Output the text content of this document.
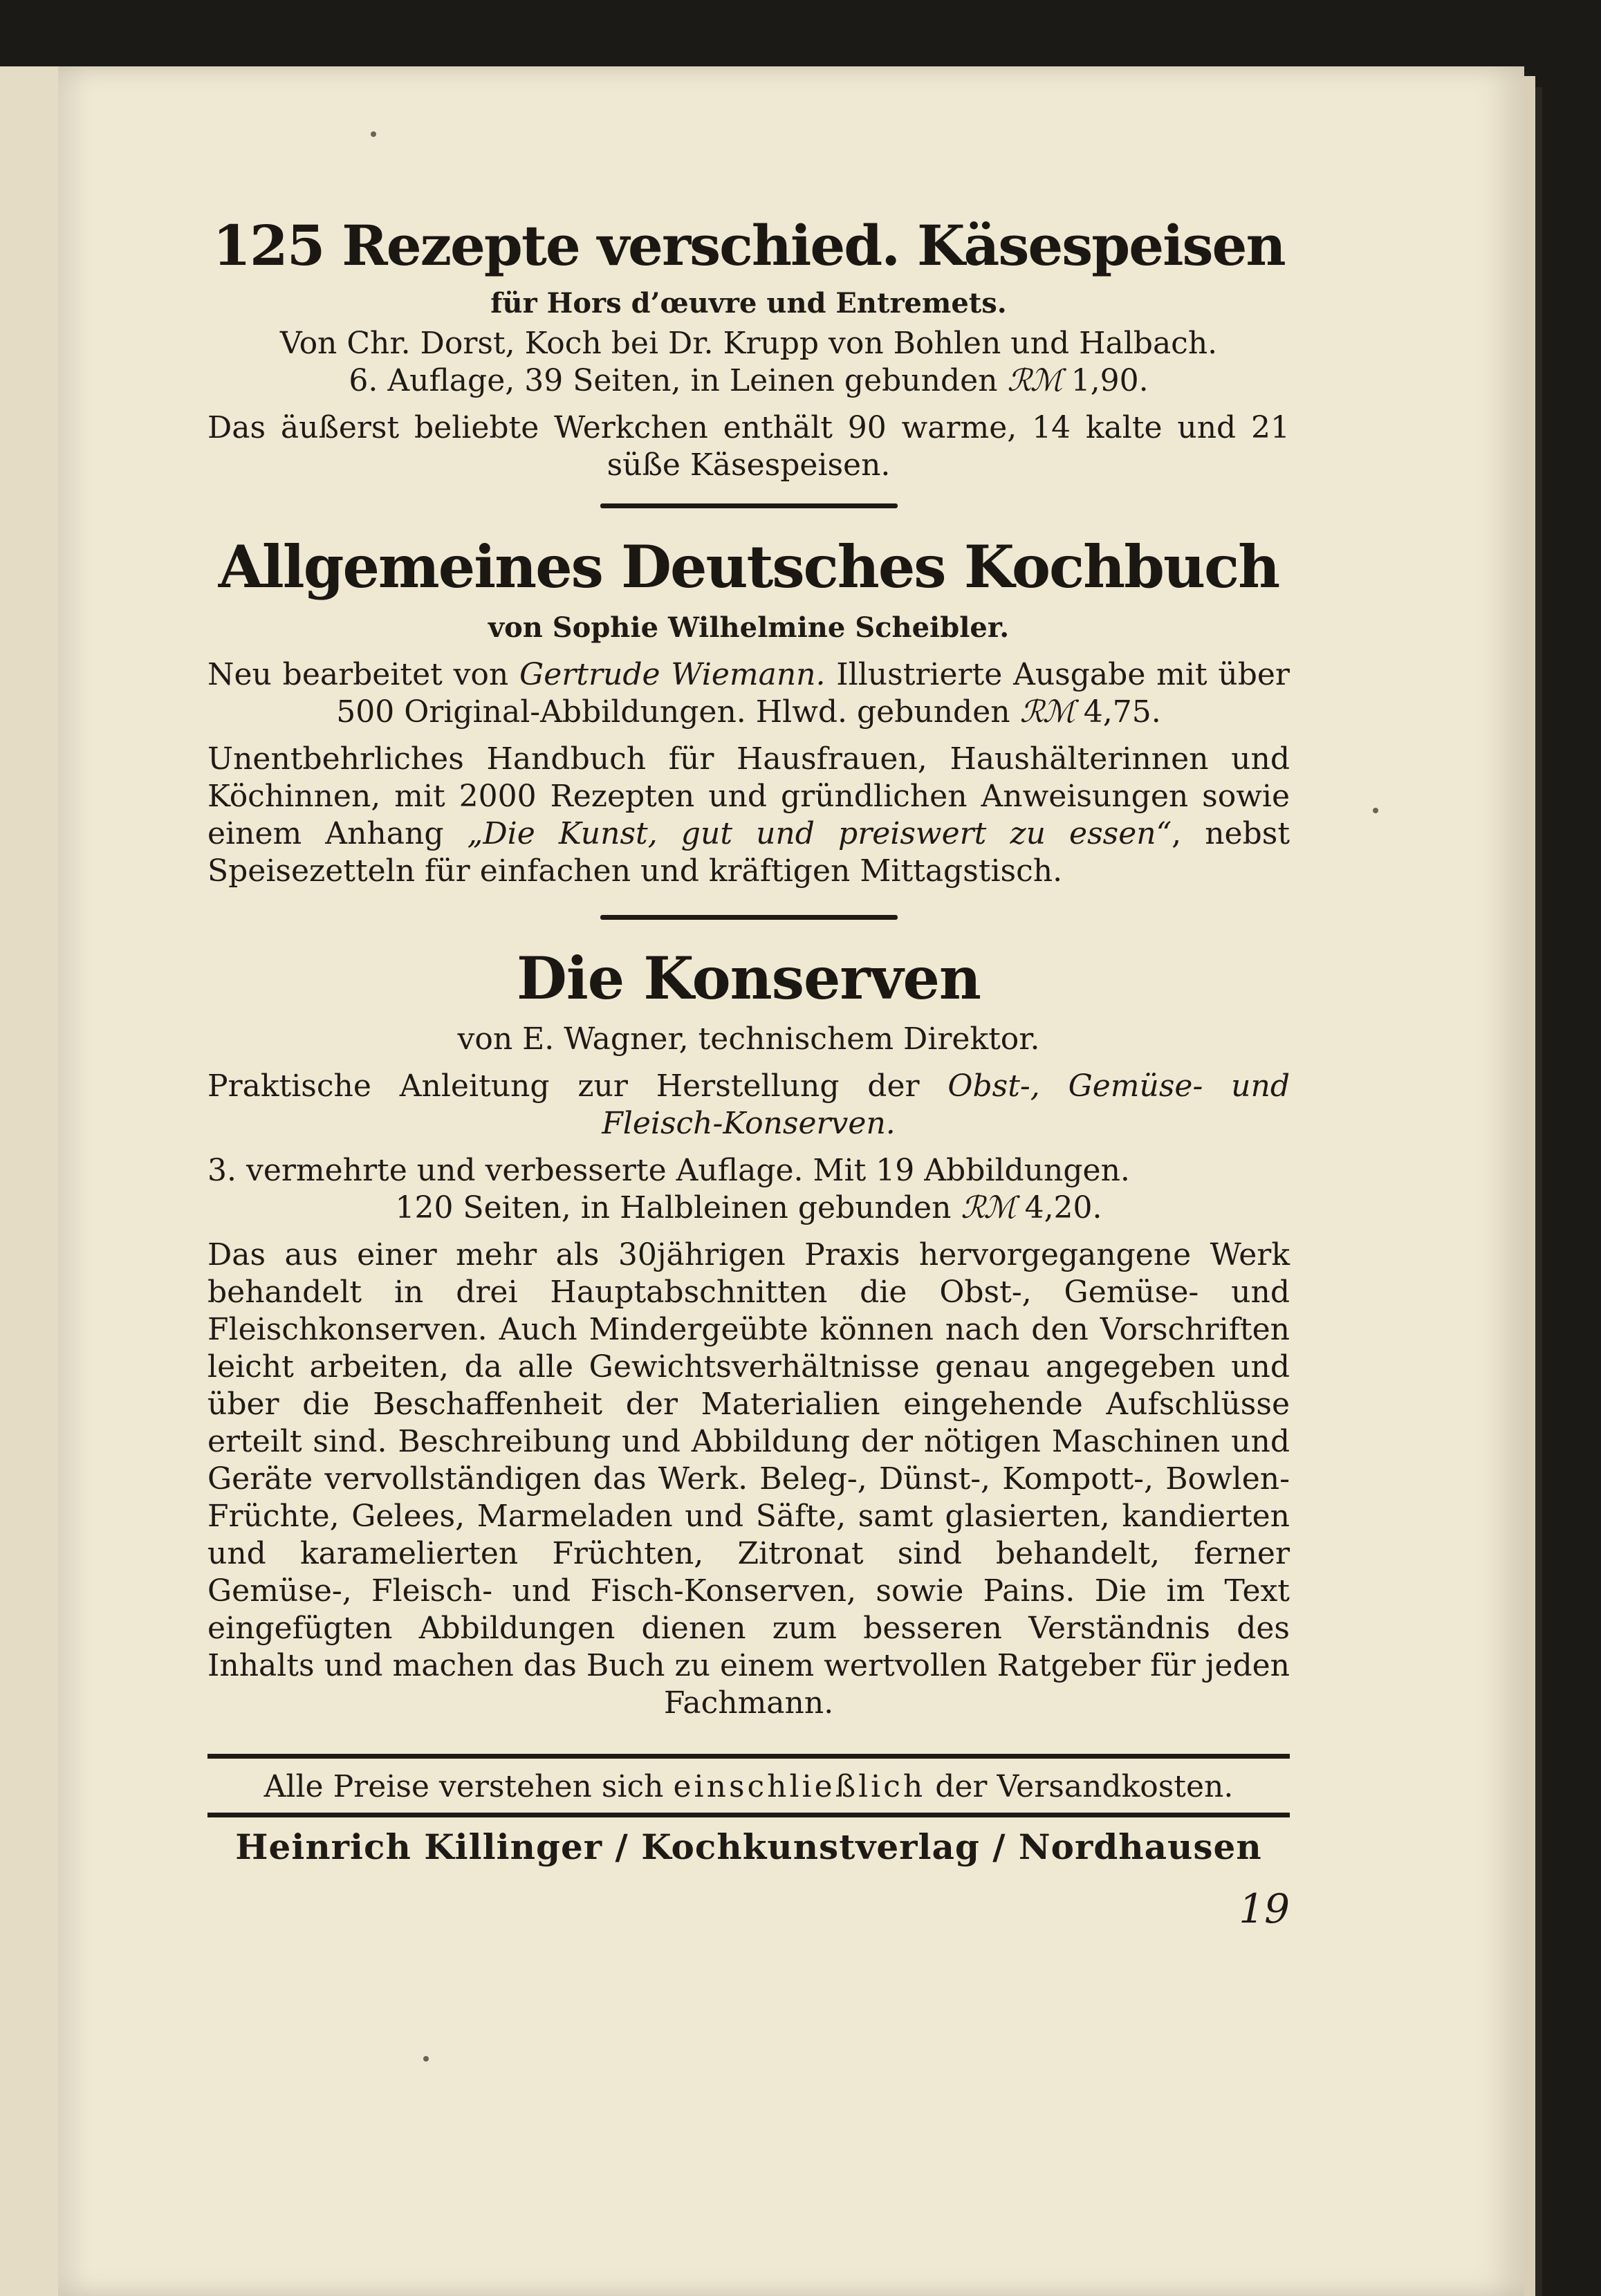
125 Rezepte verschied. Käsespeisen
für Hors d’œuvre und Entremets.

Von Chr. Dorst, Koch bei Dr. Krupp von Bohlen und Halbach.

6. Auflage, 39 Seiten, in Leinen gebunden ℛℳ 1,90.

Das äußerst beliebte Werkchen enthält 90 warme, 14 kalte und 21 süße Käsespeisen.

Allgemeines Deutsches Kochbuch
von Sophie Wilhelmine Scheibler.

Neu bearbeitet von Gertrude Wiemann. Illustrierte Ausgabe mit über 500 Original-Abbildungen. Hlwd. gebunden ℛℳ 4,75.

Unentbehrliches Handbuch für Hausfrauen, Haushälterinnen und Köchinnen, mit 2000 Rezepten und gründlichen Anweisungen sowie einem Anhang „Die Kunst, gut und preiswert zu essen“, nebst Speisezetteln für einfachen und kräftigen Mittagstisch.

Die Konserven
von E. Wagner, technischem Direktor.

Praktische Anleitung zur Herstellung der Obst-, Gemüse- und Fleisch-Konserven.

3. vermehrte und verbesserte Auflage. Mit 19 Abbildungen.

120 Seiten, in Halbleinen gebunden ℛℳ 4,20.

Das aus einer mehr als 30jährigen Praxis hervorgegangene Werk behandelt in drei Hauptabschnitten die Obst-, Gemüse- und Fleischkonserven. Auch Mindergeübte können nach den Vorschriften leicht arbeiten, da alle Gewichtsverhältnisse genau angegeben und über die Beschaffenheit der Materialien eingehende Aufschlüsse erteilt sind. Beschreibung und Abbildung der nötigen Maschinen und Geräte vervollständigen das Werk. Beleg-, Dünst-, Kompott-, Bowlen-Früchte, Gelees, Marmeladen und Säfte, samt glasierten, kandierten und karamelierten Früchten, Zitronat sind behandelt, ferner Gemüse-, Fleisch- und Fisch-Konserven, sowie Pains. Die im Text eingefügten Abbildungen dienen zum besseren Verständnis des Inhalts und machen das Buch zu einem wertvollen Ratgeber für jeden Fachmann.

Alle Preise verstehen sich einschließlich der Versandkosten.

Heinrich Killinger / Kochkunstverlag / Nordhausen
19
